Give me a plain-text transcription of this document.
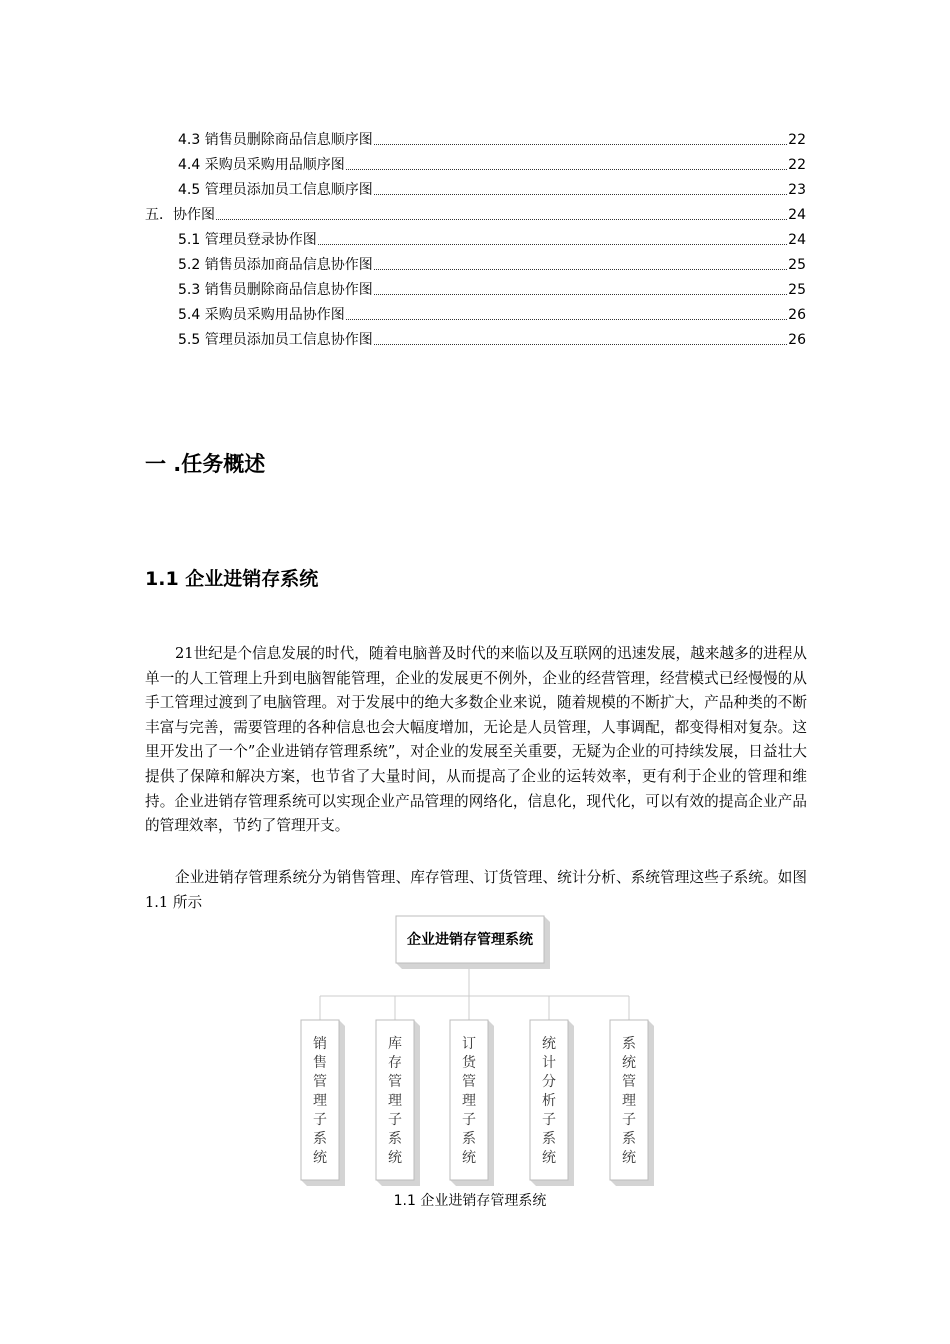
4.3 销售员删除商品信息顺序图	22
4.4 采购员采购用品顺序图	22
4.5 管理员添加员工信息顺序图	23
五．协作图	24
5.1 管理员登录协作图	24
5.2 销售员添加商品信息协作图	25
5.3 销售员删除商品信息协作图	25
5.4 采购员采购用品协作图	26
5.5 管理员添加员工信息协作图	26
一 .任务概述
1.1 企业进销存系统

21世纪是个信息发展的时代，随着电脑普及时代的来临以及互联网的迅速发展，越来越多的进程从单一的人工管理上升到电脑智能管理，企业的发展更不例外，企业的经营管理，经营模式已经慢慢的从手工管理过渡到了电脑管理。对于发展中的绝大多数企业来说，随着规模的不断扩大，产品种类的不断丰富与完善，需要管理的各种信息也会大幅度增加，无论是人员管理，人事调配，都变得相对复杂。这里开发出了一个”企业进销存管理系统”，对企业的发展至关重要，无疑为企业的可持续发展，日益壮大提供了保障和解决方案，也节省了大量时间，从而提高了企业的运转效率，更有利于企业的管理和维持。企业进销存管理系统可以实现企业产品管理的网络化，信息化，现代化，可以有效的提高企业产品的管理效率，节约了管理开支。

企业进销存管理系统分为销售管理、库存管理、订货管理、统计分析、系统管理这些子系统。如图 1.1 所示

企业进销存管理系统
销售管理子系统
库存管理子系统
订货管理子系统
统计分析子系统
系统管理子系统
1.1 企业进销存管理系统
